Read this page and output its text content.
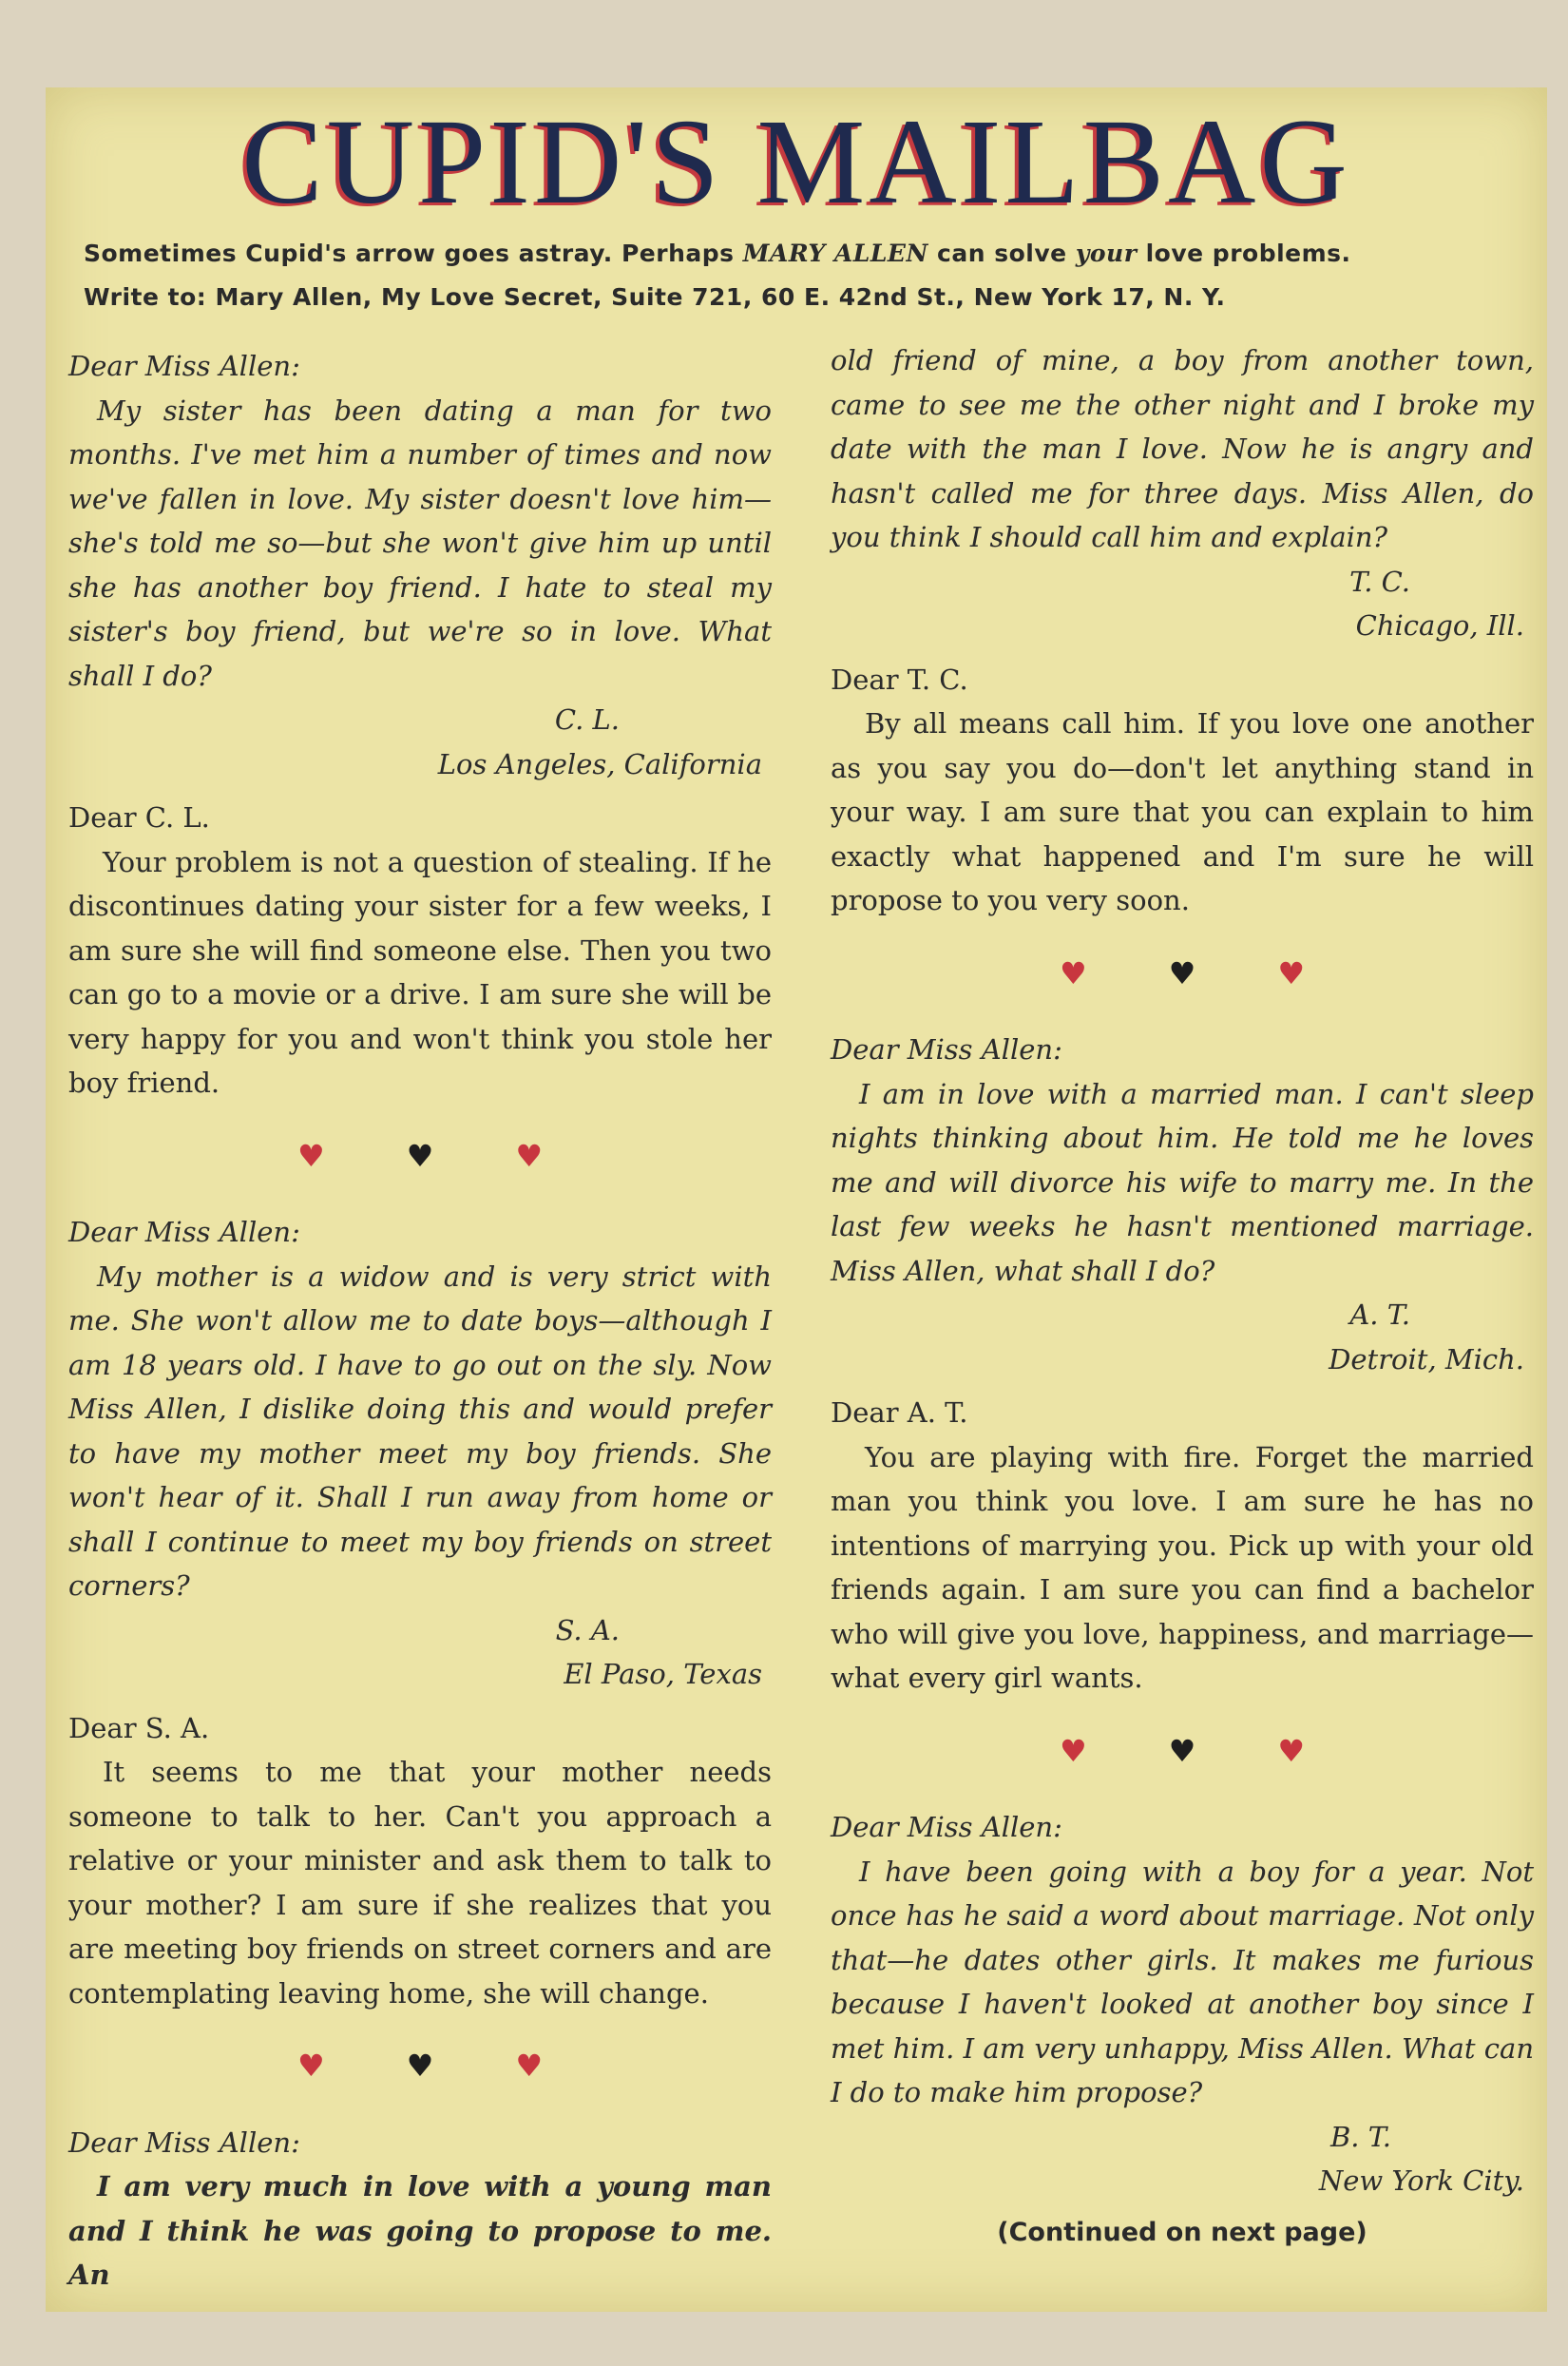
CUPID'S MAILBAG
Sometimes Cupid's arrow goes astray. Perhaps MARY ALLEN can solve your love problems.
Write to: Mary Allen, My Love Secret, Suite 721, 60 E. 42nd St., New York 17, N. Y.

Dear Miss Allen:

My sister has been dating a man for two months. I've met him a number of times and now we've fallen in love. My sister doesn't love him—she's told me so—but she won't give him up until she has another boy friend. I hate to steal my sister's boy friend, but we're so in love. What shall I do?

C. L.

Los Angeles, California

Dear C. L.

Your problem is not a question of stealing. If he discontinues dating your sister for a few weeks, I am sure she will find someone else. Then you two can go to a movie or a drive. I am sure she will be very happy for you and won't think you stole her boy friend.

♥♥♥

Dear Miss Allen:

My mother is a widow and is very strict with me. She won't allow me to date boys—although I am 18 years old. I have to go out on the sly. Now Miss Allen, I dislike doing this and would prefer to have my mother meet my boy friends. She won't hear of it. Shall I run away from home or shall I continue to meet my boy friends on street corners?

S. A.

El Paso, Texas

Dear S. A.

It seems to me that your mother needs someone to talk to her. Can't you approach a relative or your minister and ask them to talk to your mother? I am sure if she realizes that you are meeting boy friends on street corners and are contemplating leaving home, she will change.

♥♥♥

Dear Miss Allen:

I am very much in love with a young man and I think he was going to propose to me. An

old friend of mine, a boy from another town, came to see me the other night and I broke my date with the man I love. Now he is angry and hasn't called me for three days. Miss Allen, do you think I should call him and explain?

T. C.

Chicago, Ill.

Dear T. C.

By all means call him. If you love one another as you say you do—don't let anything stand in your way. I am sure that you can explain to him exactly what happened and I'm sure he will propose to you very soon.

♥♥♥

Dear Miss Allen:

I am in love with a married man. I can't sleep nights thinking about him. He told me he loves me and will divorce his wife to marry me. In the last few weeks he hasn't mentioned marriage. Miss Allen, what shall I do?

A. T.

Detroit, Mich.

Dear A. T.

You are playing with fire. Forget the married man you think you love. I am sure he has no intentions of marrying you. Pick up with your old friends again. I am sure you can find a bachelor who will give you love, happiness, and marriage—what every girl wants.

♥♥♥

Dear Miss Allen:

I have been going with a boy for a year. Not once has he said a word about marriage. Not only that—he dates other girls. It makes me furious because I haven't looked at another boy since I met him. I am very unhappy, Miss Allen. What can I do to make him propose?

B. T.

New York City.

(Continued on next page)
